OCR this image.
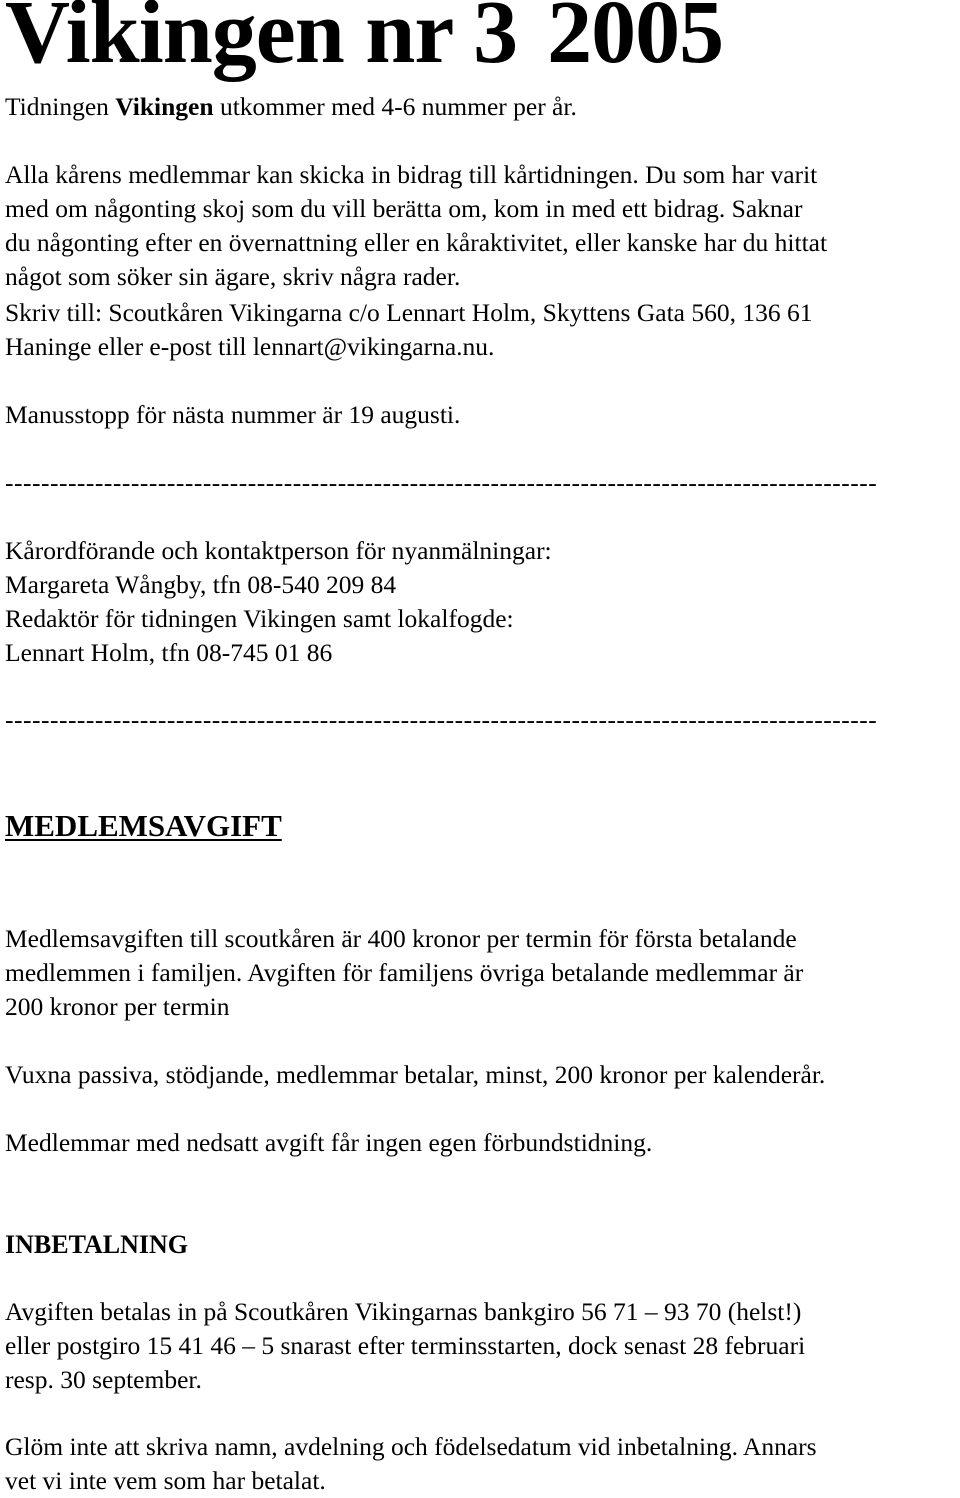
Vikingen nr 3 2005

Tidningen Vikingen utkommer med 4-6 nummer per år.

Alla kårens medlemmar kan skicka in bidrag till kårtidningen. Du som har varit

med om någonting skoj som du vill berätta om, kom in med ett bidrag. Saknar

du någonting efter en övernattning eller en kåraktivitet, eller kanske har du hittat

något som söker sin ägare, skriv några rader.

Skriv till: Scoutkåren Vikingarna c/o Lennart Holm, Skyttens Gata 560, 136 61

Haninge eller e-post till lennart@vikingarna.nu.

Manusstopp för nästa nummer är 19 augusti.

-------------------------------------------------------------------------------------------------

Kårordförande och kontaktperson för nyanmälningar:

Margareta Wångby, tfn 08-540 209 84

Redaktör för tidningen Vikingen samt lokalfogde:

Lennart Holm, tfn 08-745 01 86

-------------------------------------------------------------------------------------------------

MEDLEMSAVGIFT

Medlemsavgiften till scoutkåren är 400 kronor per termin för första betalande

medlemmen i familjen. Avgiften för familjens övriga betalande medlemmar är

200 kronor per termin

Vuxna passiva, stödjande, medlemmar betalar, minst, 200 kronor per kalenderår.

Medlemmar med nedsatt avgift får ingen egen förbundstidning.

INBETALNING

Avgiften betalas in på Scoutkåren Vikingarnas bankgiro 56 71 – 93 70 (helst!)

eller postgiro 15 41 46 – 5 snarast efter terminsstarten, dock senast 28 februari

resp. 30 september.

Glöm inte att skriva namn, avdelning och födelsedatum vid inbetalning. Annars

vet vi inte vem som har betalat.
